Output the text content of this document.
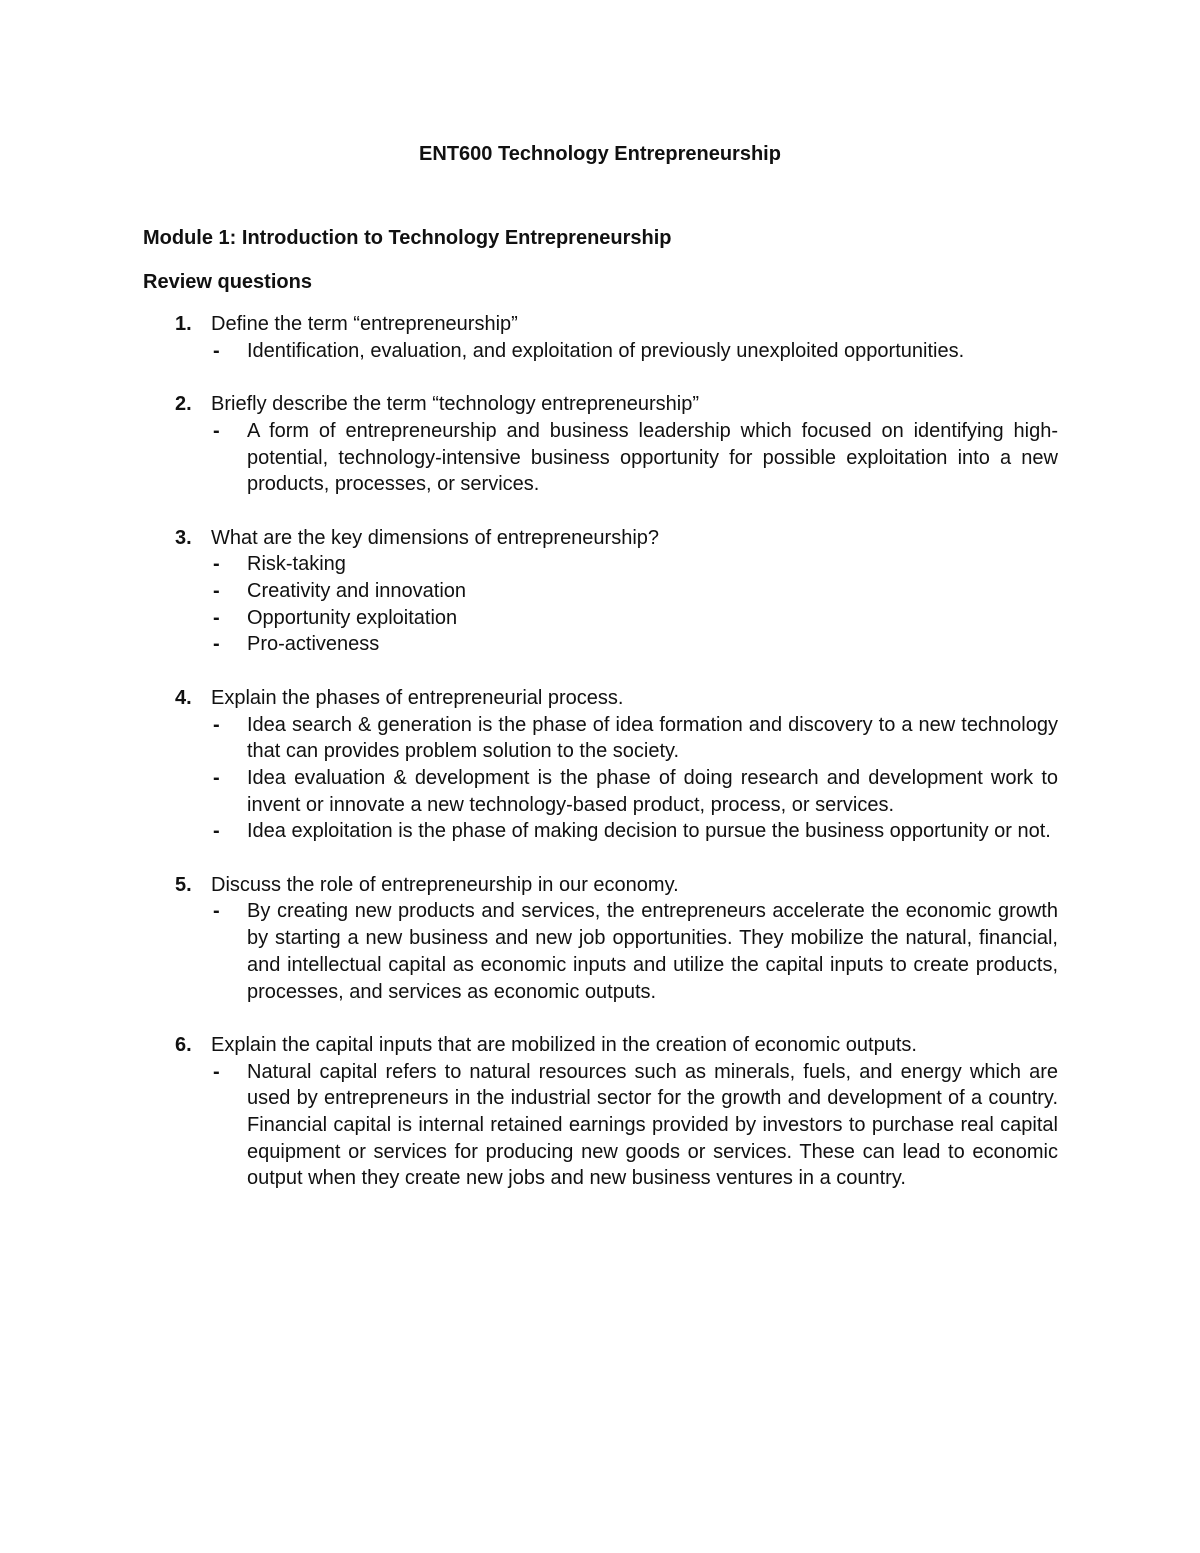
ENT600 Technology Entrepreneurship
Module 1: Introduction to Technology Entrepreneurship
Review questions
1. Define the term “entrepreneurship”
- Identification, evaluation, and exploitation of previously unexploited opportunities.
2. Briefly describe the term “technology entrepreneurship”
- A form of entrepreneurship and business leadership which focused on identifying high-potential, technology-intensive business opportunity for possible exploitation into a new products, processes, or services.
3. What are the key dimensions of entrepreneurship?
- Risk-taking
- Creativity and innovation
- Opportunity exploitation
- Pro-activeness
4. Explain the phases of entrepreneurial process.
- Idea search & generation is the phase of idea formation and discovery to a new technology that can provides problem solution to the society.
- Idea evaluation & development is the phase of doing research and development work to invent or innovate a new technology-based product, process, or services.
- Idea exploitation is the phase of making decision to pursue the business opportunity or not.
5. Discuss the role of entrepreneurship in our economy.
- By creating new products and services, the entrepreneurs accelerate the economic growth by starting a new business and new job opportunities. They mobilize the natural, financial, and intellectual capital as economic inputs and utilize the capital inputs to create products, processes, and services as economic outputs.
6. Explain the capital inputs that are mobilized in the creation of economic outputs.
- Natural capital refers to natural resources such as minerals, fuels, and energy which are used by entrepreneurs in the industrial sector for the growth and development of a country. Financial capital is internal retained earnings provided by investors to purchase real capital equipment or services for producing new goods or services. These can lead to economic output when they create new jobs and new business ventures in a country.
